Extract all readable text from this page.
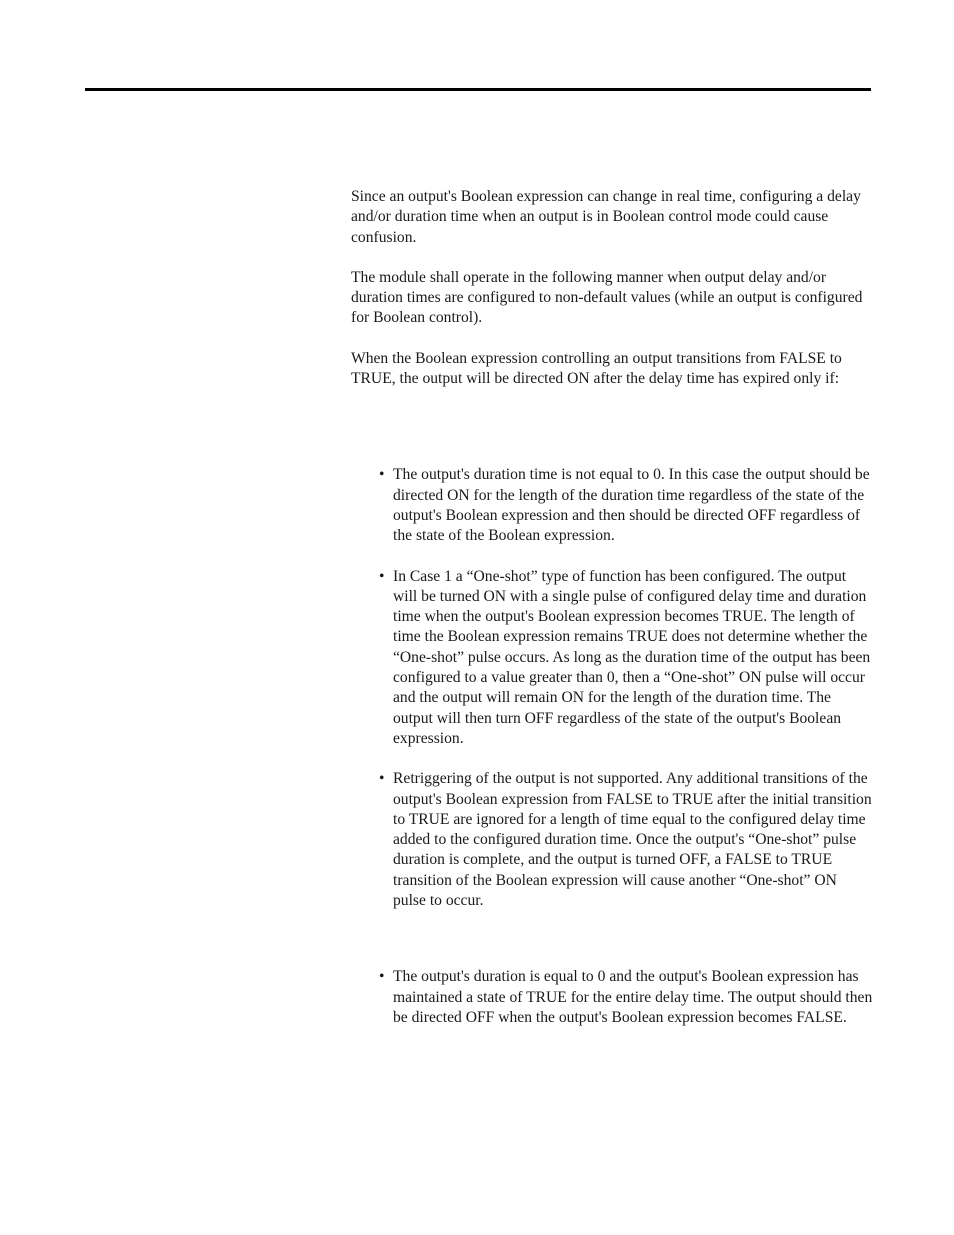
Since an output's Boolean expression can change in real time, configuring a delay and/or duration time when an output is in Boolean control mode could cause confusion.

The module shall operate in the following manner when output delay and/or duration times are configured to non-default values (while an output is configured for Boolean control).

When the Boolean expression controlling an output transitions from FALSE to TRUE, the output will be directed ON after the delay time has expired only if:

• The output's duration time is not equal to 0. In this case the output should be directed ON for the length of the duration time regardless of the state of the output's Boolean expression and then should be directed OFF regardless of the state of the Boolean expression.
• In Case 1 a “One-shot” type of function has been configured. The output will be turned ON with a single pulse of configured delay time and duration time when the output's Boolean expression becomes TRUE. The length of time the Boolean expression remains TRUE does not determine whether the “One-shot” pulse occurs. As long as the duration time of the output has been configured to a value greater than 0, then a “One-shot” ON pulse will occur and the output will remain ON for the length of the duration time. The output will then turn OFF regardless of the state of the output's Boolean expression.
• Retriggering of the output is not supported. Any additional transitions of the output's Boolean expression from FALSE to TRUE after the initial transition to TRUE are ignored for a length of time equal to the configured delay time added to the configured duration time. Once the output's “One-shot” pulse duration is complete, and the output is turned OFF, a FALSE to TRUE transition of the Boolean expression will cause another “One-shot” ON pulse to occur.
• The output's duration is equal to 0 and the output's Boolean expression has maintained a state of TRUE for the entire delay time. The output should then be directed OFF when the output's Boolean expression becomes FALSE.
